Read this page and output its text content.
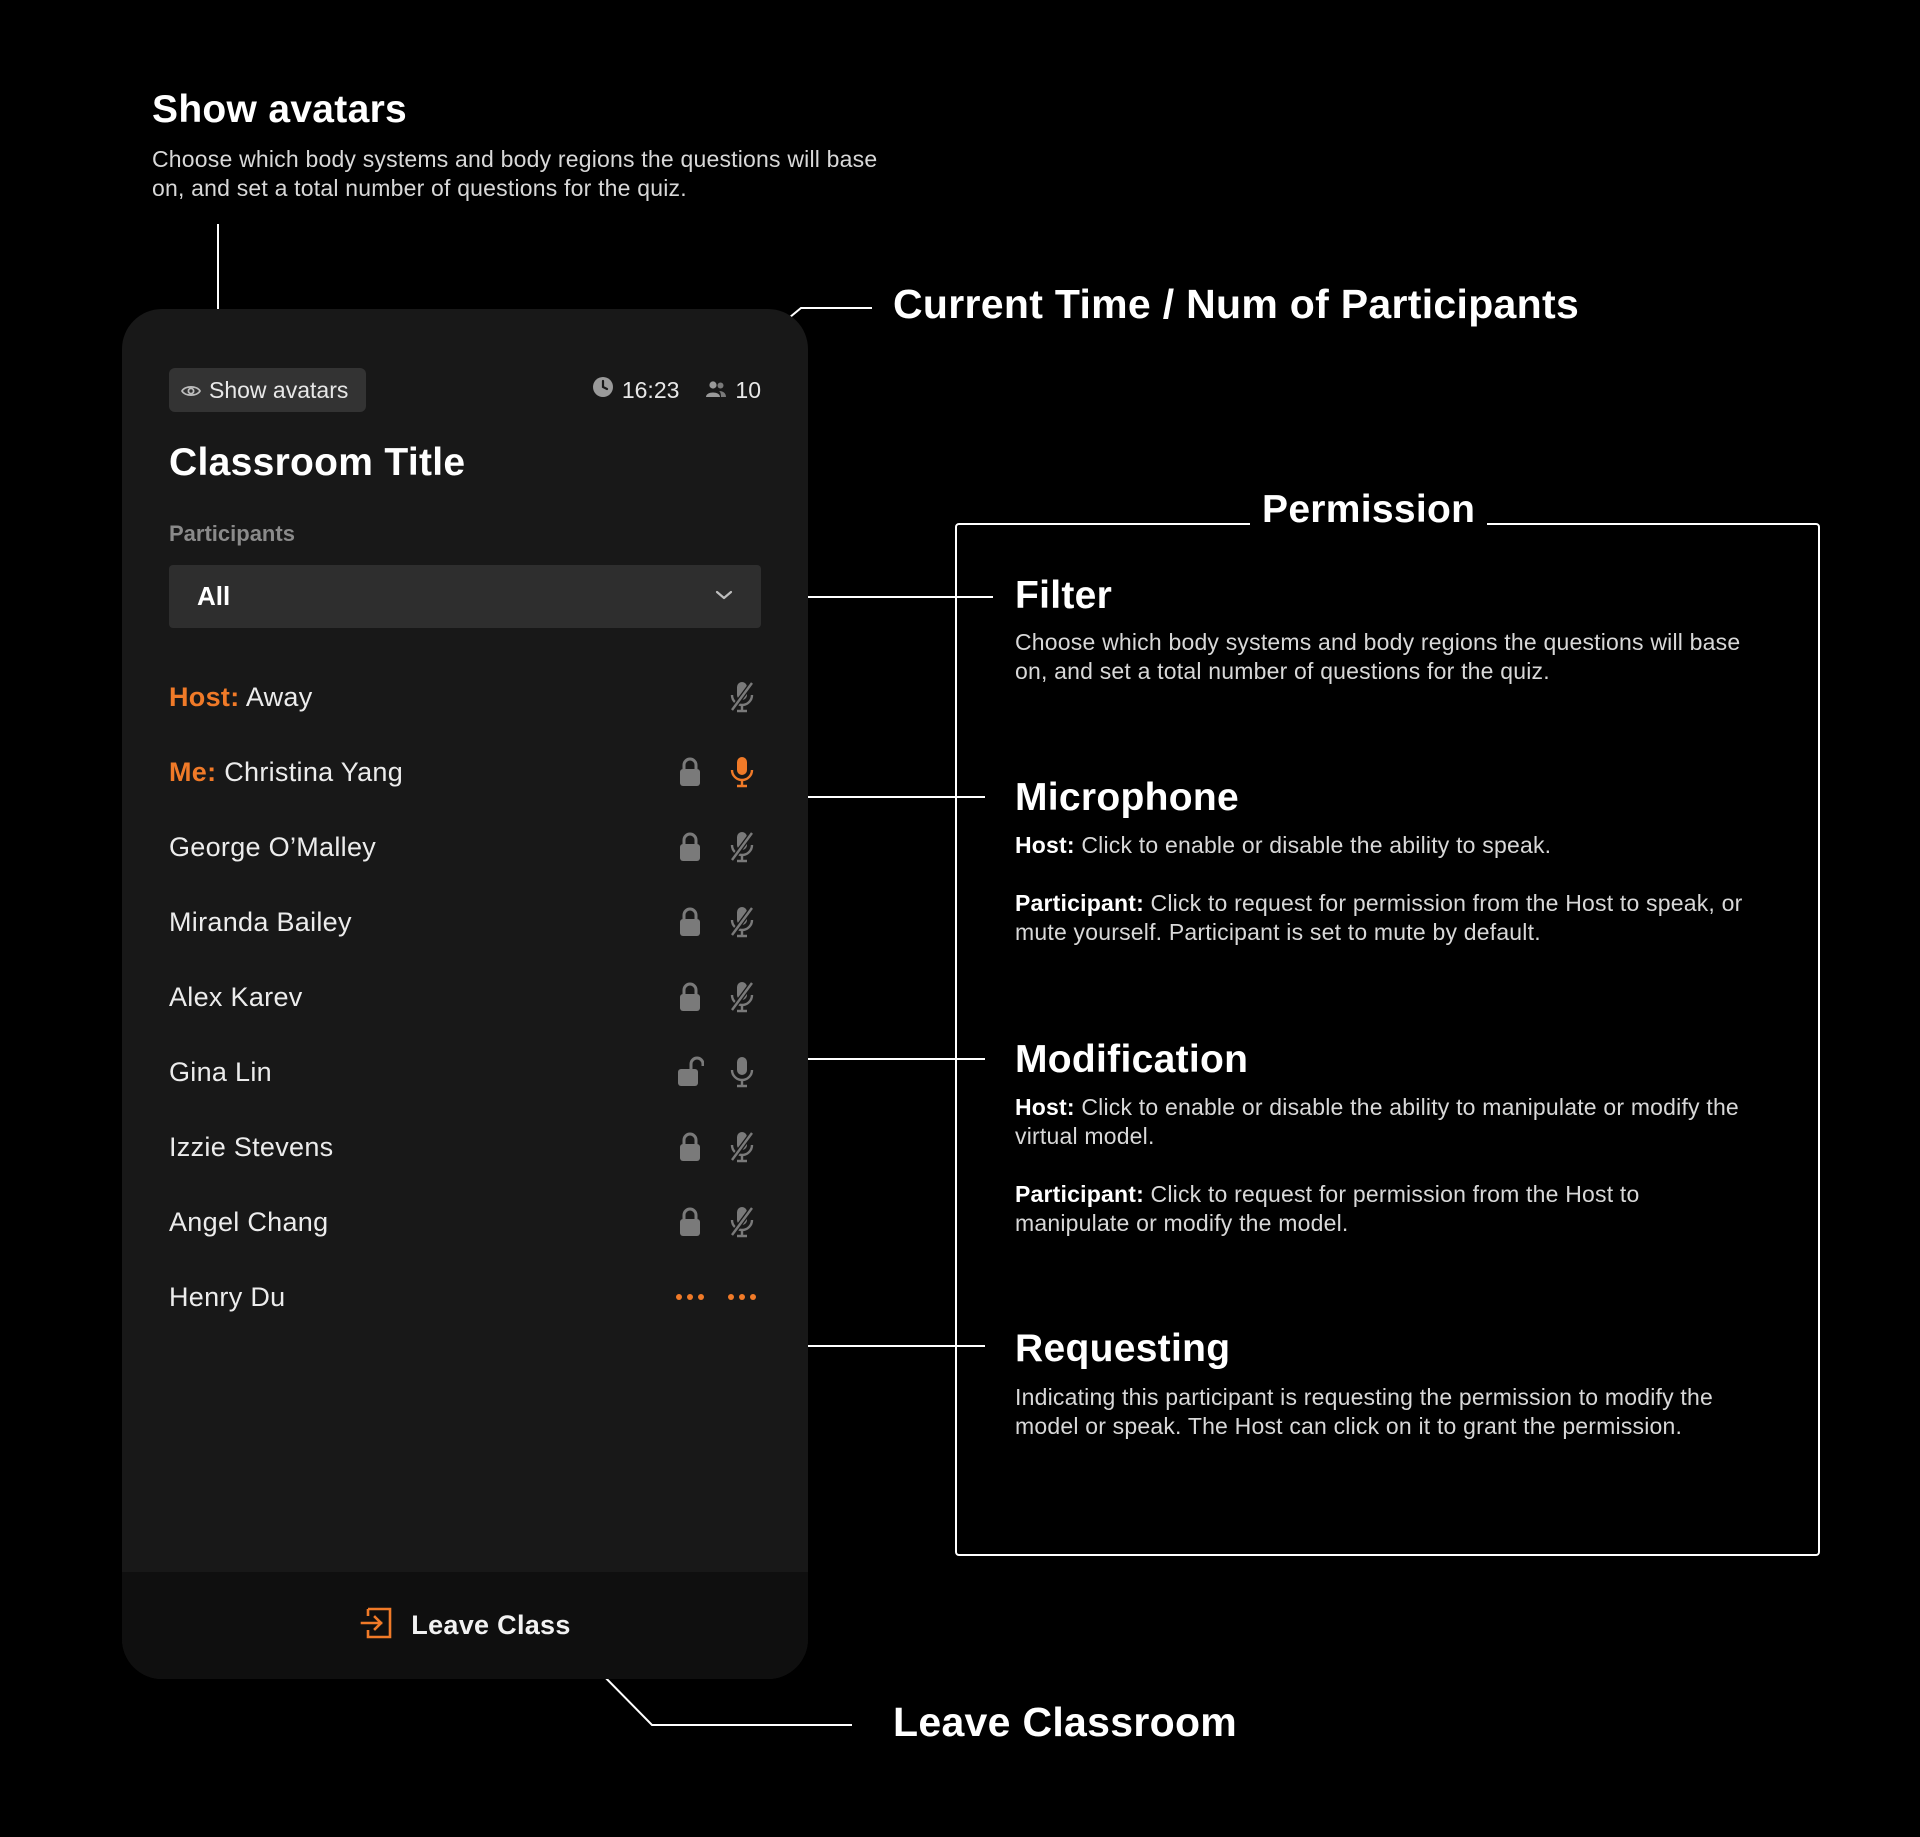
Show avatars
Choose which body systems and body regions the questions will base on, and set a total number of questions for the quiz.
Current Time / Num of Participants
Show avatars	16:23 10
Classroom Title
Participants
All
Host: Away
Me: Christina Yang
George O’Malley
Miranda Bailey
Alex Karev
Gina Lin
Izzie Stevens
Angel Chang
Henry Du
Leave Class
Permission
Filter
Choose which body systems and body regions the questions will base on, and set a total number of questions for the quiz.
Microphone
Host: Click to enable or disable the ability to speak.
Participant: Click to request for permission from the Host to speak, or mute yourself. Participant is set to mute by default.
Modification
Host: Click to enable or disable the ability to manipulate or modify the virtual model.
Participant: Click to request for permission from the Host to manipulate or modify the model.
Requesting
Indicating this participant is requesting the permission to modify the model or speak. The Host can click on it to grant the permission.
Leave Classroom
